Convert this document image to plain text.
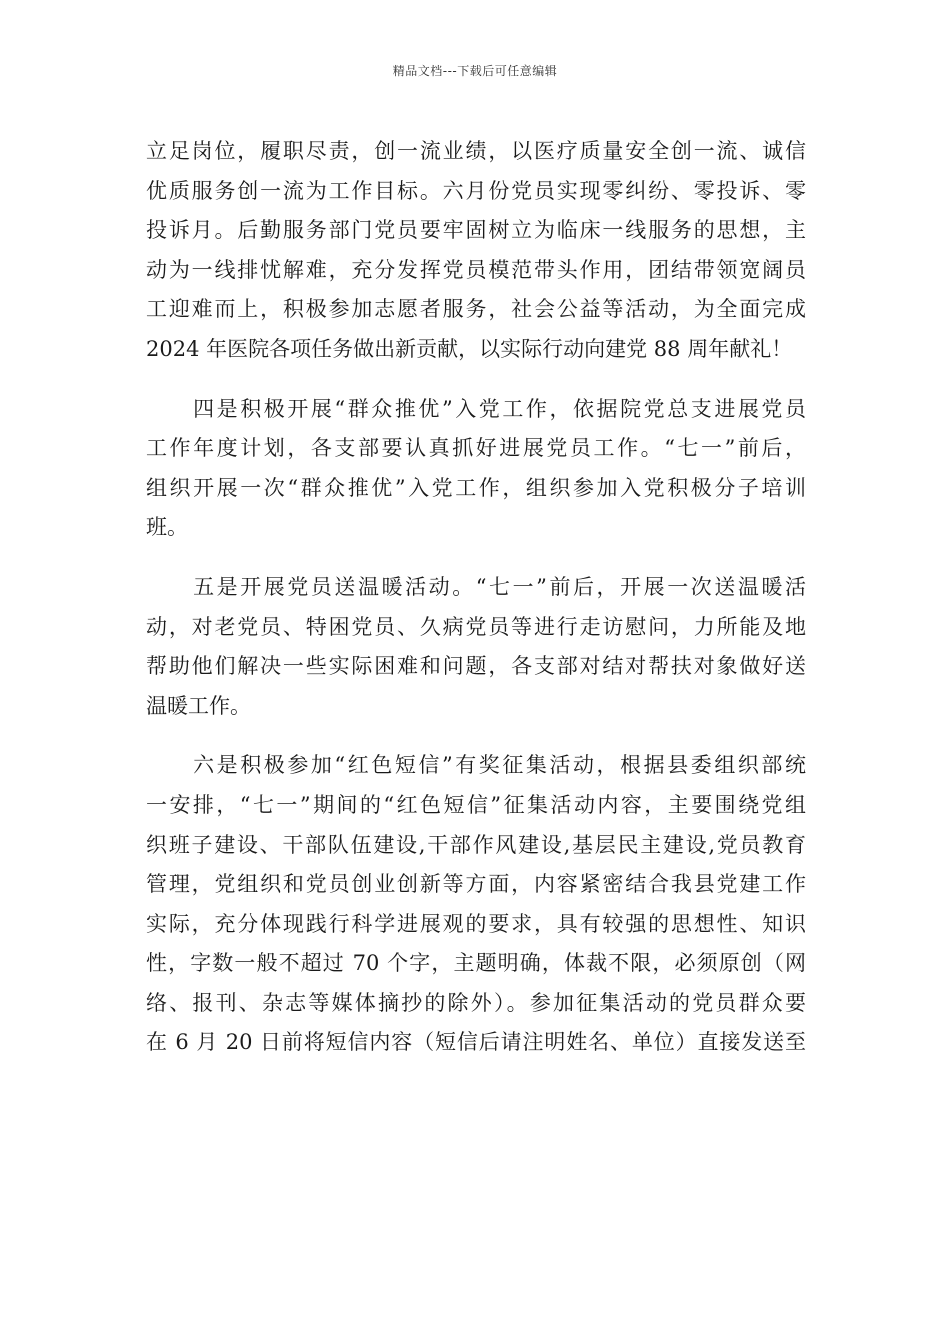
精品文档---下载后可任意编辑
立足岗位，履职尽责，创一流业绩，以医疗质量安全创一流、诚信
优质服务创一流为工作目标。六月份党员实现零纠纷、零投诉、零
投诉月。后勤服务部门党员要牢固树立为临床一线服务的思想，主
动为一线排忧解难，充分发挥党员模范带头作用，团结带领宽阔员
工迎难而上，积极参加志愿者服务，社会公益等活动，为全面完成
2024 年医院各项任务做出新贡献，以实际行动向建党 88 周年献礼！
　　四是积极开展“群众推优”入党工作，依据院党总支进展党员
工作年度计划，各支部要认真抓好进展党员工作。“七一”前后，
组织开展一次“群众推优”入党工作，组织参加入党积极分子培训
班。
　　五是开展党员送温暖活动。“七一”前后，开展一次送温暖活
动，对老党员、特困党员、久病党员等进行走访慰问，力所能及地
帮助他们解决一些实际困难和问题，各支部对结对帮扶对象做好送
温暖工作。
　　六是积极参加“红色短信”有奖征集活动，根据县委组织部统
一安排，“七一”期间的“红色短信”征集活动内容，主要围绕党组
织班子建设、干部队伍建设,干部作风建设,基层民主建设,党员教育
管理，党组织和党员创业创新等方面，内容紧密结合我县党建工作
实际，充分体现践行科学进展观的要求，具有较强的思想性、知识
性，字数一般不超过 70 个字，主题明确，体裁不限，必须原创（网
络、报刊、杂志等媒体摘抄的除外）。参加征集活动的党员群众要
在 6 月 20 日前将短信内容（短信后请注明姓名、单位）直接发送至
